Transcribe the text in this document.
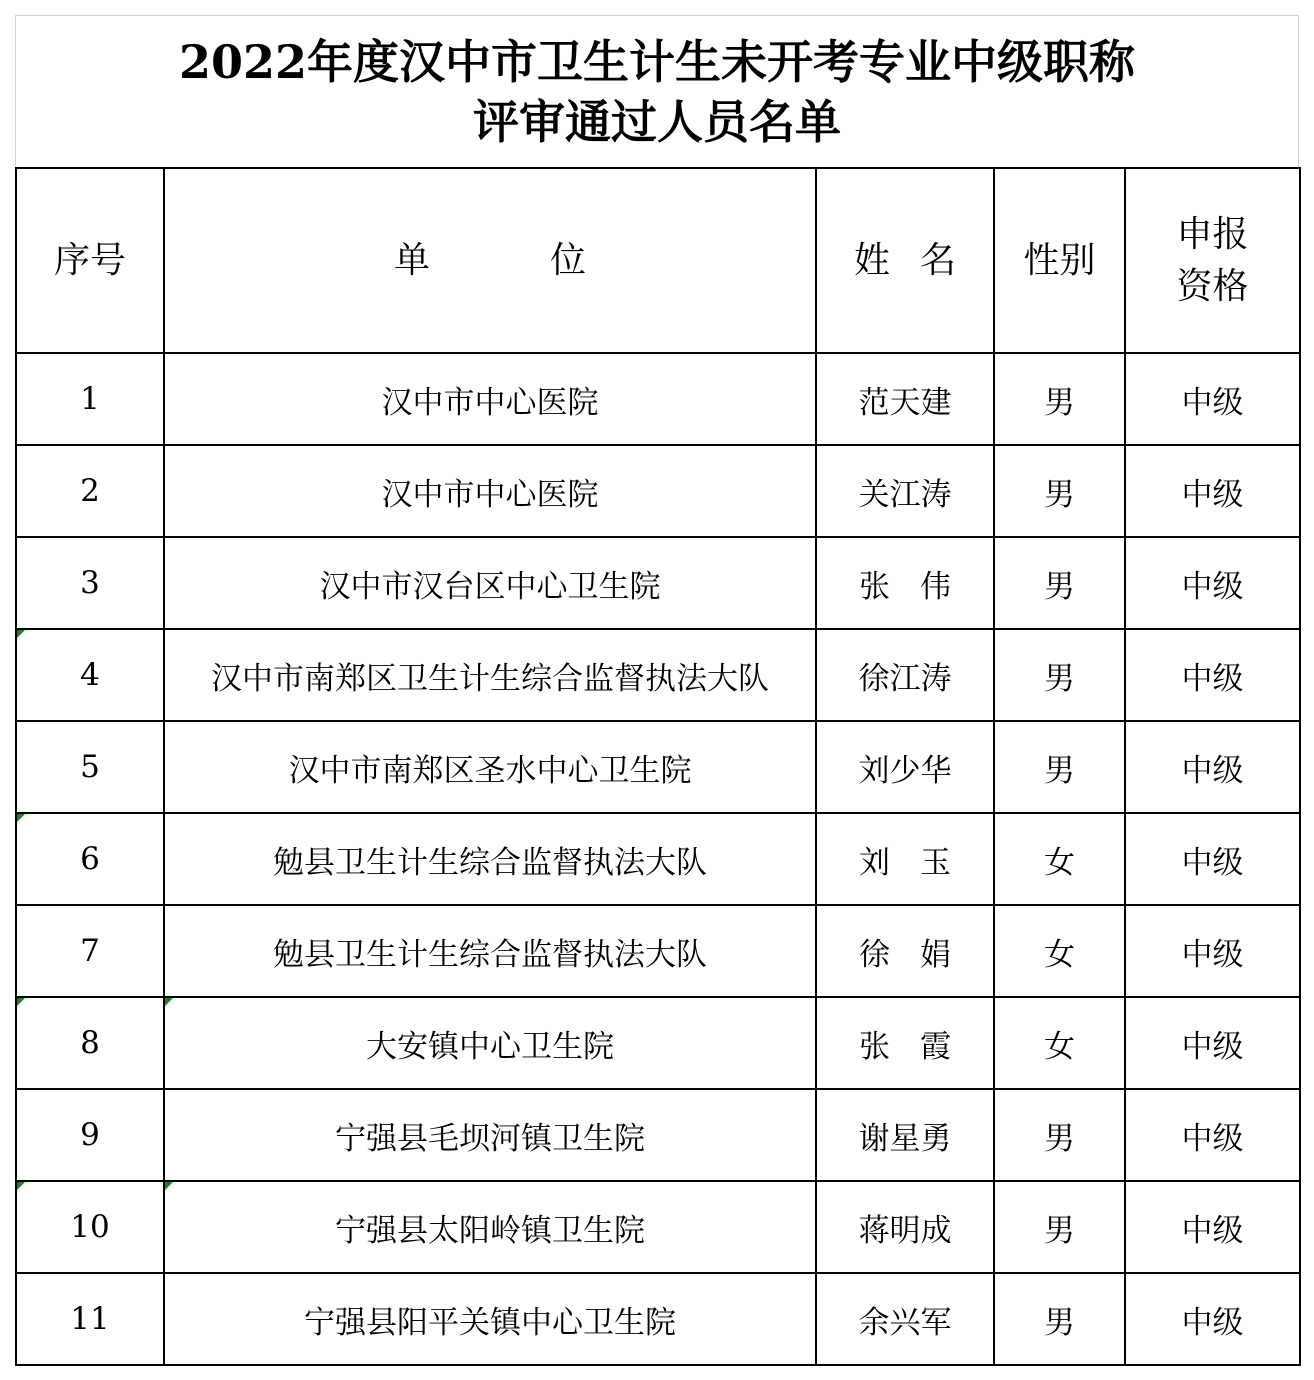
2022年度汉中市卫生计生未开考专业中级职称
评审通过人员名单
序号	单位	姓名	性别	申报资格
1	汉中市中心医院	范天建	男	中级
2	汉中市中心医院	关江涛	男	中级
3	汉中市汉台区中心卫生院	张伟	男	中级
4	汉中市南郑区卫生计生综合监督执法大队	徐江涛	男	中级
5	汉中市南郑区圣水中心卫生院	刘少华	男	中级
6	勉县卫生计生综合监督执法大队	刘玉	女	中级
7	勉县卫生计生综合监督执法大队	徐娟	女	中级
8	大安镇中心卫生院	张霞	女	中级
9	宁强县毛坝河镇卫生院	谢星勇	男	中级
10	宁强县太阳岭镇卫生院	蒋明成	男	中级
11	宁强县阳平关镇中心卫生院	余兴军	男	中级
